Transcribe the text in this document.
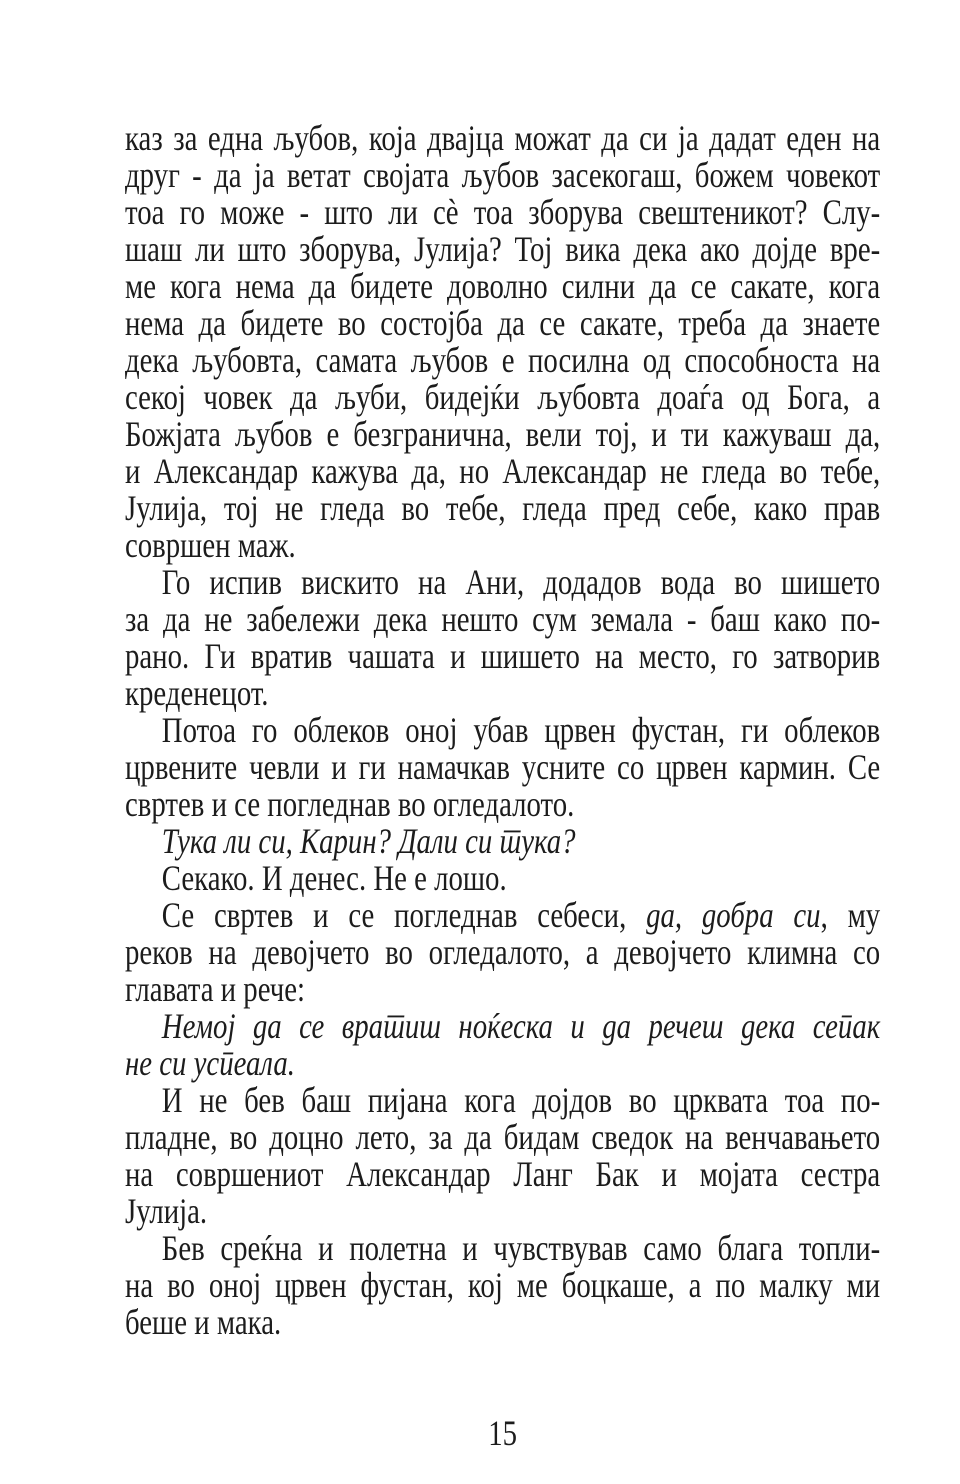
каз за една љубов, која двајца можат да си ја дадат еден на
друг - да ја ветат својата љубов засекогаш, божем човекот
тоа го може - што ли сѐ тоа зборува свештеникот? Слу-
шаш ли што зборува, Јулија? Тој вика дека ако дојде вре-
ме кога нема да бидете доволно силни да се сакате, кога
нема да бидете во состојба да се сакате, треба да знаете
дека љубовта, самата љубов е посилна од способноста на
секој човек да љуби, бидејќи љубовта доаѓа од Бога, а
Божјата љубов е безгранична, вели тој, и ти кажуваш да,
и Александар кажува да, но Александар не гледа во тебе,
Јулија, тој не гледа во тебе, гледа пред себе, како прав
совршен маж.
Го испив вискито на Ани, додадов вода во шишето
за да не забележи дека нешто сум земала - баш како по-
рано. Ги вратив чашата и шишето на место, го затворив
креденецот.
Потоа го облеков оној убав црвен фустан, ги облеков
црвените чевли и ги намачкав усните со црвен кармин. Се
свртев и се погледнав во огледалото.
Тука ли си, Карин? Дали си тука?
Секако. И денес. Не е лошо.
Се свртев и се погледнав себеси, да, добра си, му
реков на девојчето во огледалото, а девојчето климна со
главата и рече:
Немој да се вратиш ноќеска и да речеш дека сепак
не си успеала.
И не бев баш пијана кога дојдов во црквата тоа по-
пладне, во доцно лето, за да бидам сведок на венчавањето
на совршениот Александар Ланг Бак и мојата сестра
Јулија.
Бев среќна и полетна и чувствував само блага топли-
на во оној црвен фустан, кој ме боцкаше, а по малку ми
беше и мака.
15
